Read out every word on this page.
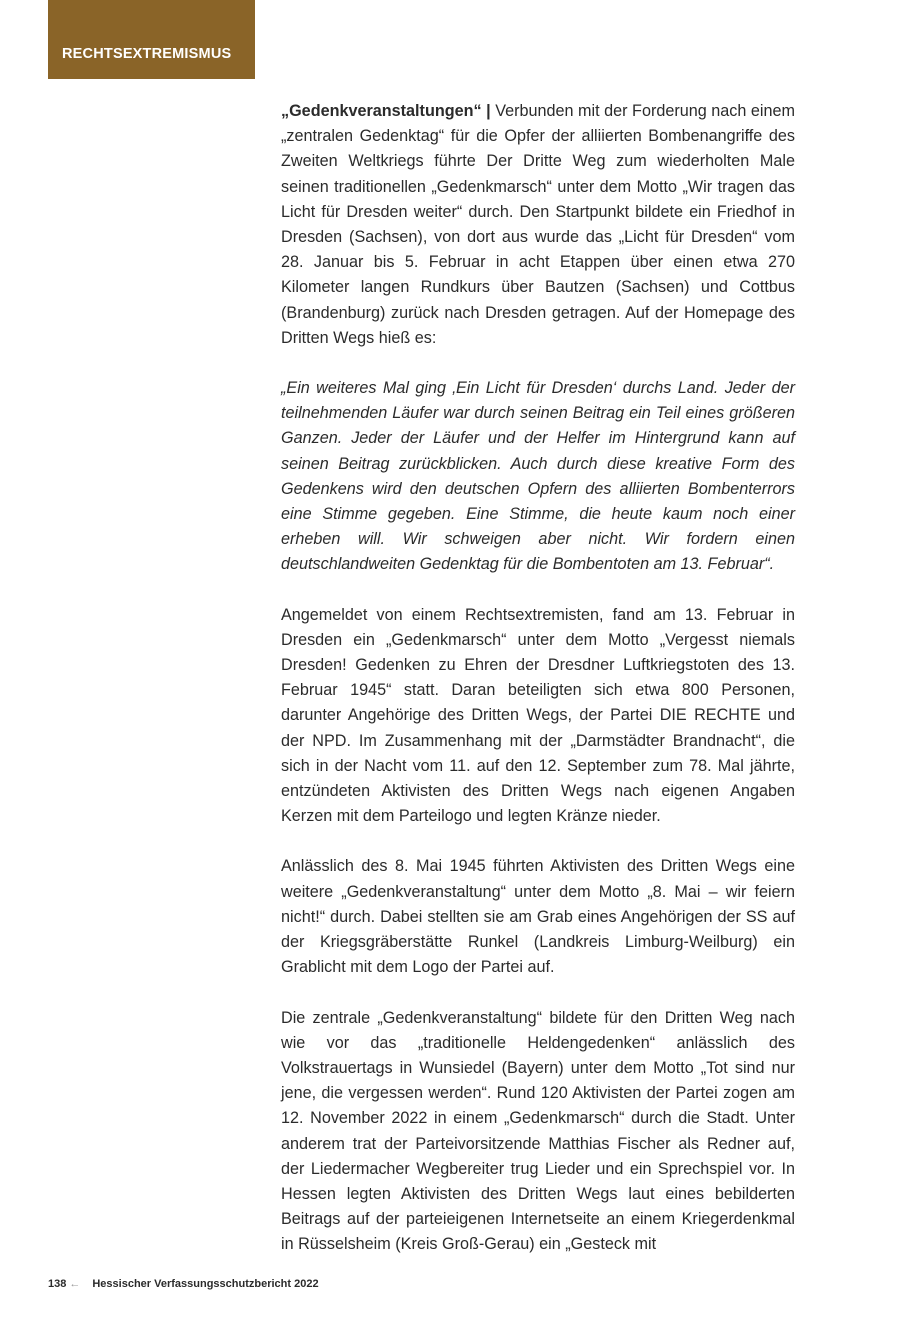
RECHTSEXTREMISMUS

„Gedenkveranstaltungen“ | Verbunden mit der Forderung nach einem „zentralen Gedenktag“ für die Opfer der alliierten Bombenangriffe des Zweiten Weltkriegs führte Der Dritte Weg zum wiederholten Male seinen traditionellen „Gedenkmarsch“ unter dem Motto „Wir tragen das Licht für Dresden weiter“ durch. Den Startpunkt bildete ein Friedhof in Dresden (Sachsen), von dort aus wurde das „Licht für Dresden“ vom 28. Januar bis 5. Februar in acht Etappen über einen etwa 270 Kilometer langen Rundkurs über Bautzen (Sachsen) und Cottbus (Brandenburg) zurück nach Dresden getragen. Auf der Homepage des Dritten Wegs hieß es:

„Ein weiteres Mal ging ‚Ein Licht für Dresden‘ durchs Land. Jeder der teilnehmenden Läufer war durch seinen Beitrag ein Teil eines größeren Ganzen. Jeder der Läufer und der Helfer im Hintergrund kann auf seinen Beitrag zurückblicken. Auch durch diese kreative Form des Gedenkens wird den deutschen Opfern des alliierten Bombenterrors eine Stimme gegeben. Eine Stimme, die heute kaum noch einer erheben will. Wir schweigen aber nicht. Wir fordern einen deutschlandweiten Gedenktag für die Bombentoten am 13. Februar“.

Angemeldet von einem Rechtsextremisten, fand am 13. Februar in Dresden ein „Gedenkmarsch“ unter dem Motto „Vergesst niemals Dresden! Gedenken zu Ehren der Dresdner Luftkriegstoten des 13. Februar 1945“ statt. Daran beteiligten sich etwa 800 Personen, darunter Angehörige des Dritten Wegs, der Partei DIE RECHTE und der NPD. Im Zusammenhang mit der „Darmstädter Brandnacht“, die sich in der Nacht vom 11. auf den 12. September zum 78. Mal jährte, entzündeten Aktivisten des Dritten Wegs nach eigenen Angaben Kerzen mit dem Parteilogo und legten Kränze nieder.

Anlässlich des 8. Mai 1945 führten Aktivisten des Dritten Wegs eine weitere „Gedenkveranstaltung“ unter dem Motto „8. Mai – wir feiern nicht!“ durch. Dabei stellten sie am Grab eines Angehörigen der SS auf der Kriegsgräberstätte Runkel (Landkreis Limburg-Weilburg) ein Grablicht mit dem Logo der Partei auf.

Die zentrale „Gedenkveranstaltung“ bildete für den Dritten Weg nach wie vor das „traditionelle Heldengedenken“ anlässlich des Volkstrauertags in Wunsiedel (Bayern) unter dem Motto „Tot sind nur jene, die vergessen werden“. Rund 120 Aktivisten der Partei zogen am 12. November 2022 in einem „Gedenkmarsch“ durch die Stadt. Unter anderem trat der Parteivorsitzende Matthias Fischer als Redner auf, der Liedermacher Wegbereiter trug Lieder und ein Sprechspiel vor. In Hessen legten Aktivisten des Dritten Wegs laut eines bebilderten Beitrags auf der parteieigenen Internetseite an einem Kriegerdenkmal in Rüsselsheim (Kreis Groß-Gerau) ein „Gesteck mit

138 ← Hessischer Verfassungsschutzbericht 2022
